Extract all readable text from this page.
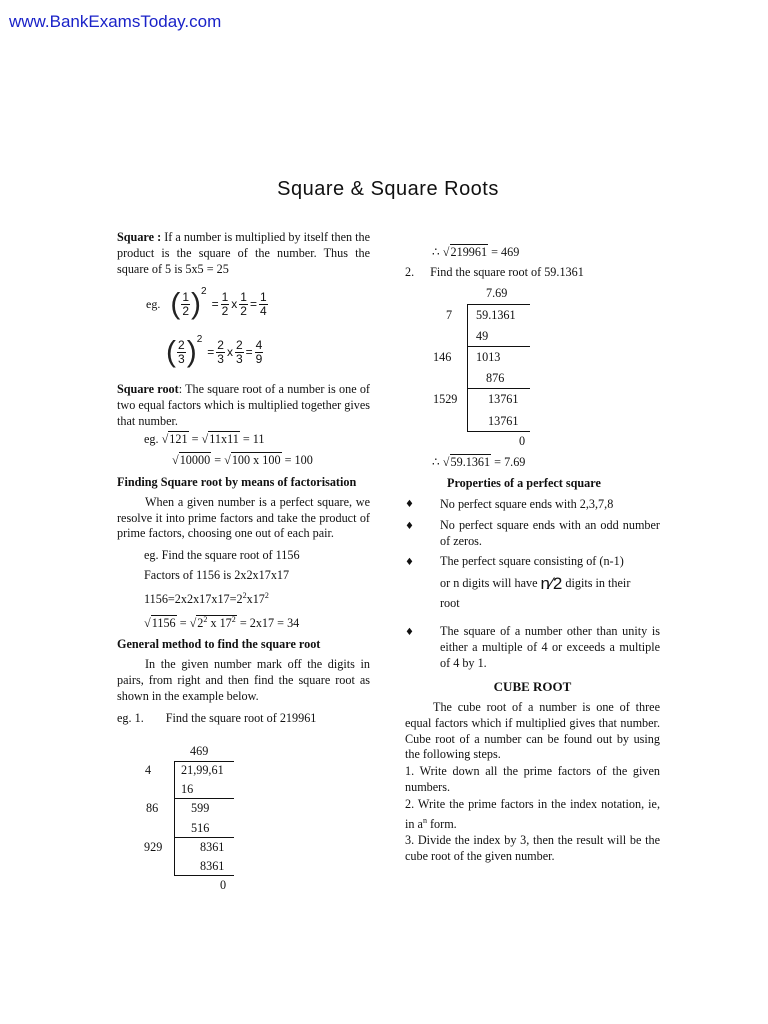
www.BankExamsToday.com
Square & Square Roots

Square : If a number is multiplied by itself then the product is the square of the number. Thus the square of 5 is 5x5 = 25

eg. ( $\frac{1}{2} )^2 = \frac{1}{2}$ x $\frac{1}{2} = \frac{1}{4}$
( $\frac{2}{3} )^2 = \frac{2}{3}$ x $\frac{2}{3} = \frac{4}{9}$

Square root: The square root of a number is one of two equal factors which is multiplied together gives that number.

eg. √121 = √11x11 = 11
√10000 = √100 x 100 = 100
Finding Square root by means of factorisation

When a given number is a perfect square, we resolve it into prime factors and take the product of prime factors, choosing one out of each pair.

eg. Find the square root of 1156
Factors of 1156 is 2x2x17x17
$1156=2x2x17x17=2^2x17^2$
$√1156 = √2^2$ x $17^2 = 2x17 = 34$
General method to find the square root

In the given number mark off the digits in pairs, from right and then find the square root as shown in the example below.

eg. 1. Find the square root of 219961
469
4 21,99,61
16
86	599
516
929	8361
8361
0
∴ √219961 = 469
2. Find the square root of 59.1361
7.69
7 59.1361
49
146 1013
876
1529	13761
13761
0
∴ √59.1361 = 7.69
Properties of a perfect square
♦ No perfect square ends with 2,3,7,8
♦ No perfect square ends with an odd number of zeros.
♦ The perfect square consisting of (n-1)
or n digits will have n⁄2 digits in their
root
♦ The square of a number other than unity is either a multiple of 4 or exceeds a multiple of 4 by 1.
CUBE ROOT

The cube root of a number is one of three equal factors which if multiplied gives that number. Cube root of a number can be found out by using the following steps.

1. Write down all the prime factors of the given numbers.

2. Write the prime factors in the index notation, ie, in $a^n$ form.

3. Divide the index by 3, then the result will be the cube root of the given number.
